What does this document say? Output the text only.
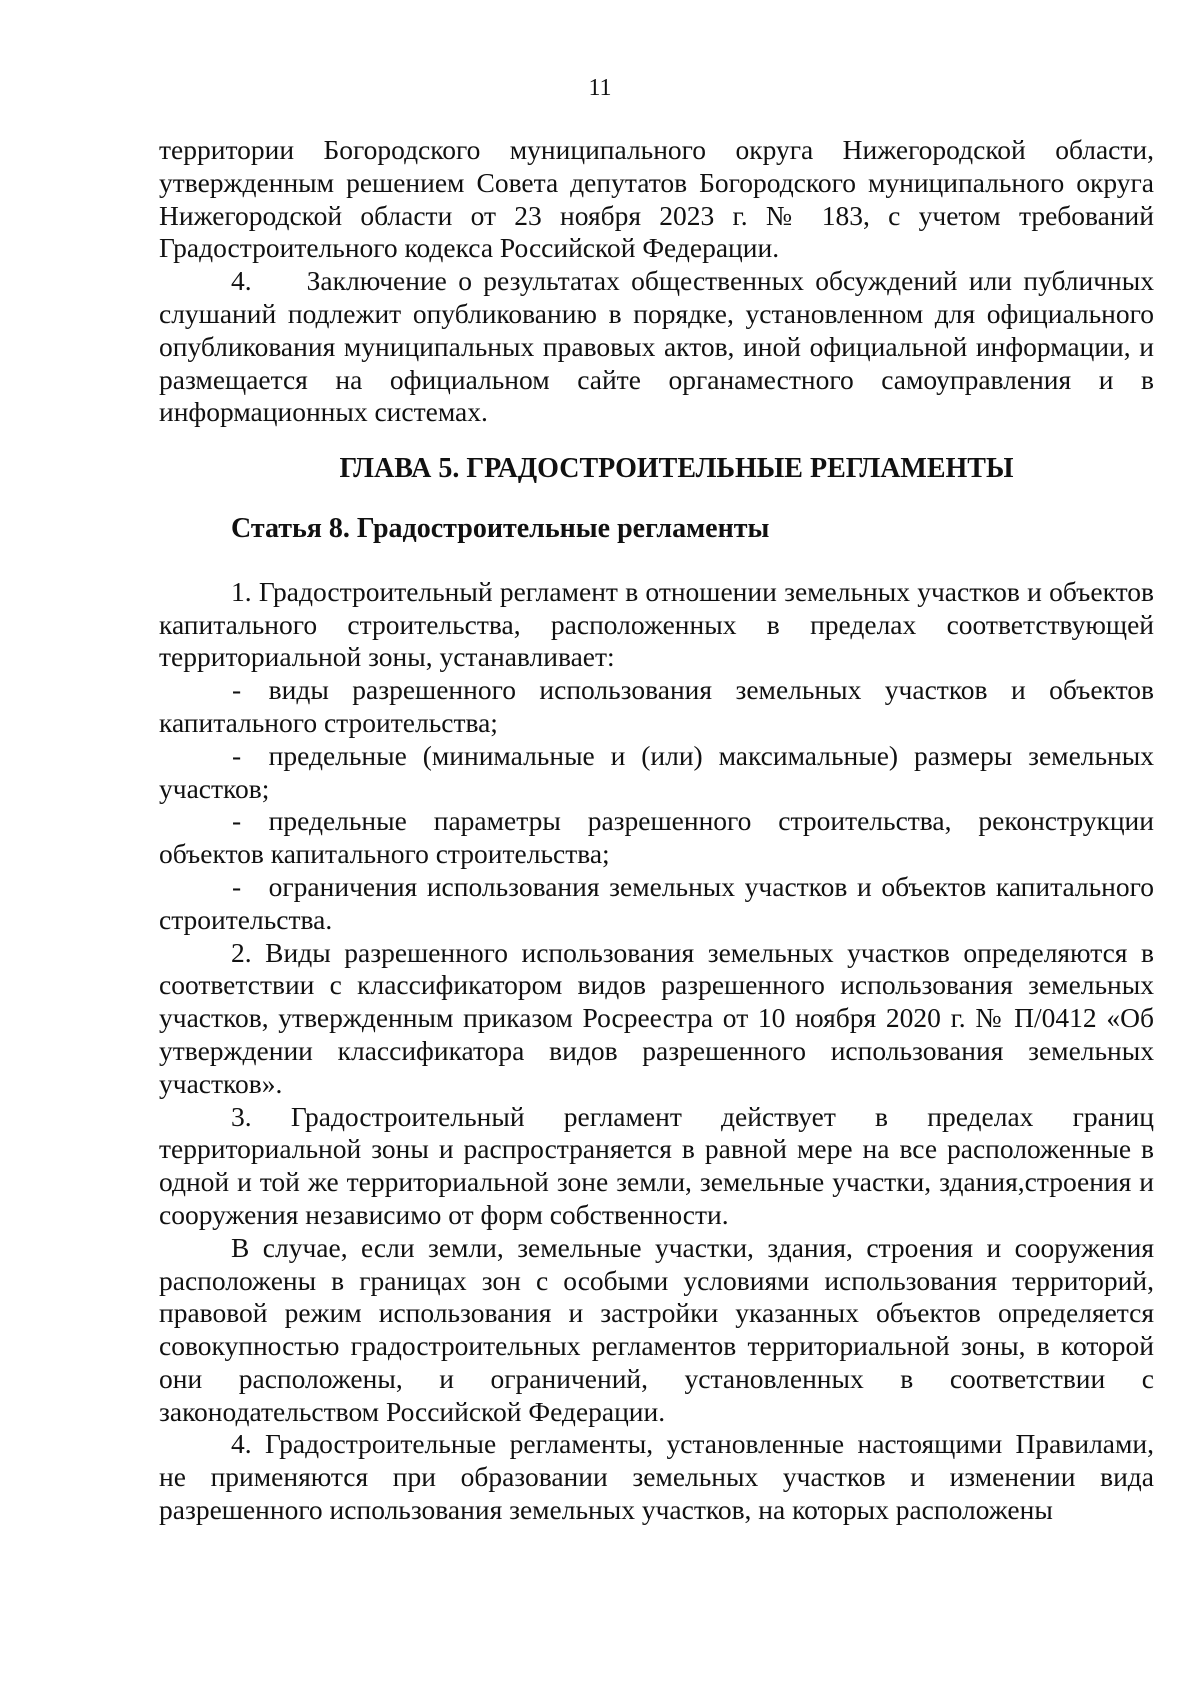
11

территории Богородского муниципального округа Нижегородской области, утвержденным решением Совета депутатов Богородского муниципального округа Нижегородской области от 23 ноября 2023 г. № 183, с учетом требований Градостроительного кодекса Российской Федерации.

4.  Заключение о результатах общественных обсуждений или публичных слушаний подлежит опубликованию в порядке, установленном для официального опубликования муниципальных правовых актов, иной официальной информации, и размещается на официальном сайте органаместного самоуправления и в информационных системах.

ГЛАВА 5. ГРАДОСТРОИТЕЛЬНЫЕ РЕГЛАМЕНТЫ

Статья 8. Градостроительные регламенты

1. Градостроительный регламент в отношении земельных участков и объектов капитального строительства, расположенных в пределах соответствующей территориальной зоны, устанавливает:

- виды разрешенного использования земельных участков и объектов капитального строительства;

- предельные (минимальные и (или) максимальные) размеры земельных участков;

- предельные параметры разрешенного строительства, реконструкции объектов капитального строительства;

- ограничения использования земельных участков и объектов капитального строительства.

2. Виды разрешенного использования земельных участков определяются в соответствии с классификатором видов разрешенного использования земельных участков, утвержденным приказом Росреестра от 10 ноября 2020 г. № П/0412 «Об утверждении классификатора видов разрешенного использования земельных участков».

3. Градостроительный регламент действует в пределах границ территориальной зоны и распространяется в равной мере на все расположенные в одной и той же территориальной зоне земли, земельные участки, здания,строения и сооружения независимо от форм собственности.

В случае, если земли, земельные участки, здания, строения и сооружения расположены в границах зон с особыми условиями использования территорий, правовой режим использования и застройки указанных объектов определяется совокупностью градостроительных регламентов территориальной зоны, в которой они расположены, и ограничений, установленных в соответствии с законодательством Российской Федерации.

4. Градостроительные регламенты, установленные настоящими Правилами, не применяются при образовании земельных участков и изменении вида разрешенного использования земельных участков, на которых расположены
